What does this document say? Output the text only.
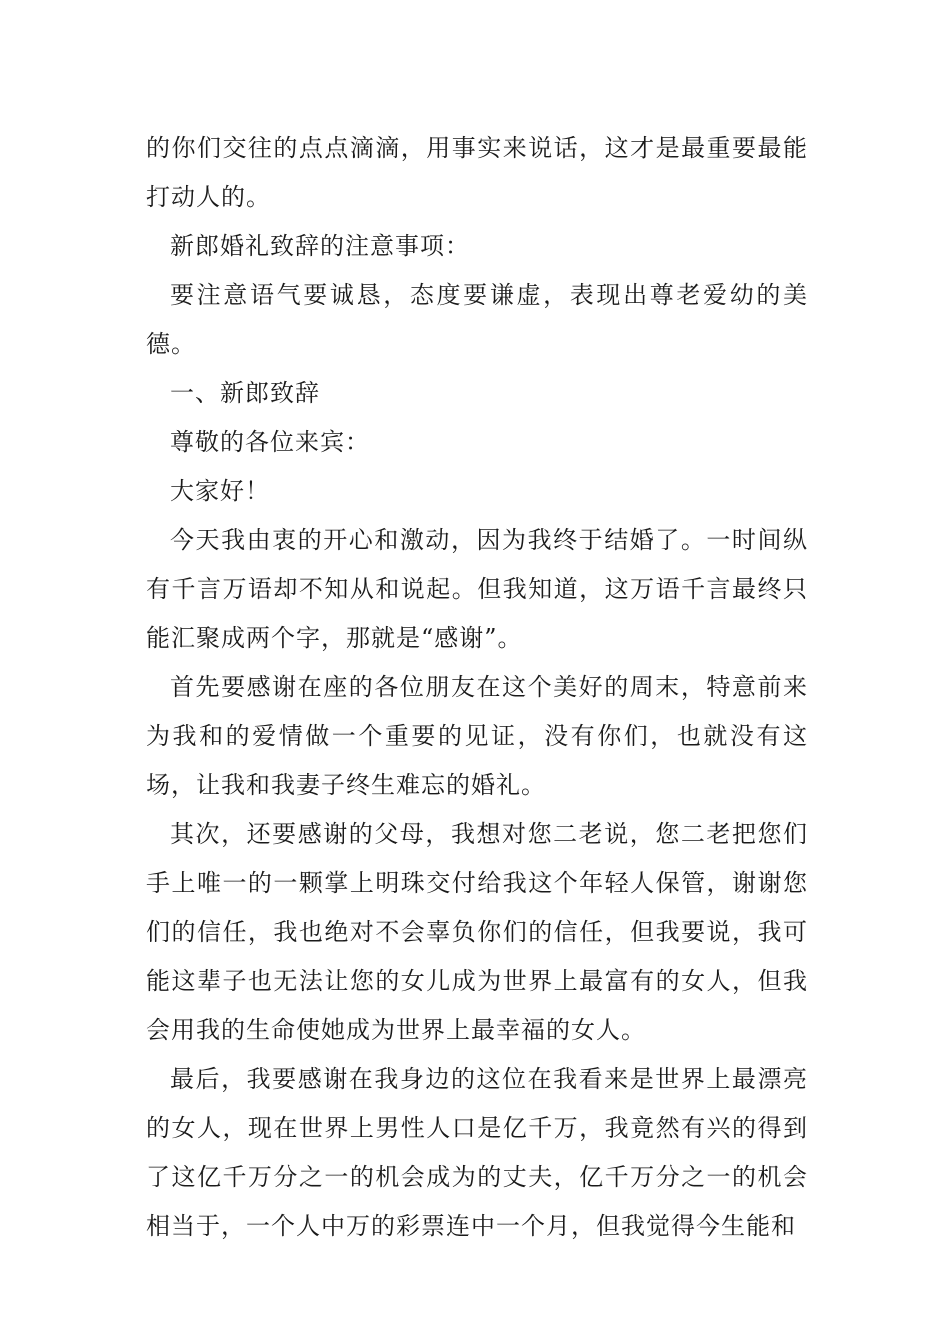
的你们交往的点点滴滴，用事实来说话，这才是最重要最能打动人的。

新郎婚礼致辞的注意事项：

要注意语气要诚恳，态度要谦虚，表现出尊老爱幼的美德。

一、新郎致辞

尊敬的各位来宾：

大家好！

今天我由衷的开心和激动，因为我终于结婚了。一时间纵有千言万语却不知从和说起。但我知道，这万语千言最终只能汇聚成两个字，那就是“感谢”。

首先要感谢在座的各位朋友在这个美好的周末，特意前来为我和的爱情做一个重要的见证，没有你们，也就没有这场，让我和我妻子终生难忘的婚礼。

其次，还要感谢的父母，我想对您二老说，您二老把您们手上唯一的一颗掌上明珠交付给我这个年轻人保管，谢谢您们的信任，我也绝对不会辜负你们的信任，但我要说，我可能这辈子也无法让您的女儿成为世界上最富有的女人，但我会用我的生命使她成为世界上最幸福的女人。

最后，我要感谢在我身边的这位在我看来是世界上最漂亮的女人，现在世界上男性人口是亿千万，我竟然有兴的得到了这亿千万分之一的机会成为的丈夫，亿千万分之一的机会相当于，一个人中万的彩票连中一个月，但我觉得今生能和
